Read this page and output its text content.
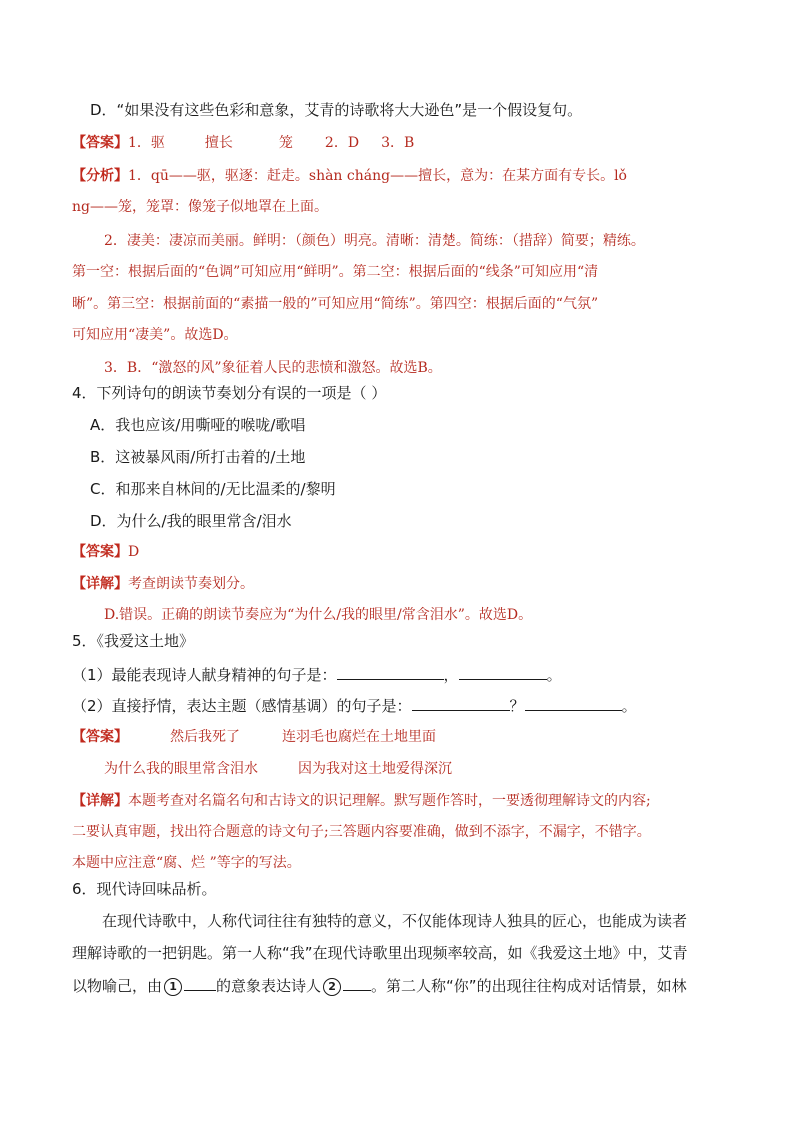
D．“如果没有这些色彩和意象，艾青的诗歌将大大逊色”是一个假设复句。
【答案】1．驱	擅长	笼 2．D 3．B
【分析】1．qū——驱，驱逐：赶走。shàn cháng——擅长，意为：在某方面有专长。lǒ
ng——笼，笼罩：像笼子似地罩在上面。
2．凄美：凄凉而美丽。鲜明：（颜色）明亮。清晰：清楚。简练：（措辞）简要；精练。
第一空：根据后面的“色调”可知应用“鲜明”。第二空：根据后面的“线条”可知应用“清
晰”。第三空：根据前面的“素描一般的”可知应用“简练”。第四空：根据后面的“气氛”
可知应用“凄美”。故选D。
3．B．“激怒的风”象征着人民的悲愤和激怒。故选B。
4．下列诗句的朗读节奏划分有误的一项是（ ）
A．我也应该/用嘶哑的喉咙/歌唱
B．这被暴风雨/所打击着的/土地
C．和那来自林间的/无比温柔的/黎明
D．为什么/我的眼里常含/泪水
【答案】D
【详解】考查朗读节奏划分。
D.错误。正确的朗读节奏应为“为什么/我的眼里/常含泪水”。故选D。
5．《我爱这土地》
（1）最能表现诗人献身精神的句子是：	，	。
（2）直接抒情，表达主题（感情基调）的句子是：	？	。
【答案】	然后我死了	连羽毛也腐烂在土地里面
为什么我的眼里常含泪水	因为我对这土地爱得深沉
【详解】本题考查对名篇名句和古诗文的识记理解。默写题作答时，一要透彻理解诗文的内容;
二要认真审题，找出符合题意的诗文句子;三答题内容要准确，做到不添字，不漏字，不错字。
本题中应注意“腐、烂 ”等字的写法。
6．现代诗回味品析。
在现代诗歌中，人称代词往往有独特的意义，不仅能体现诗人独具的匠心，也能成为读者
理解诗歌的一把钥匙。第一人称“我”在现代诗歌里出现频率较高，如《我爱这土地》中，艾青
以物喻己，由 1	的意象表达诗人 2 。第二人称“你”的出现往往构成对话情景，如林
